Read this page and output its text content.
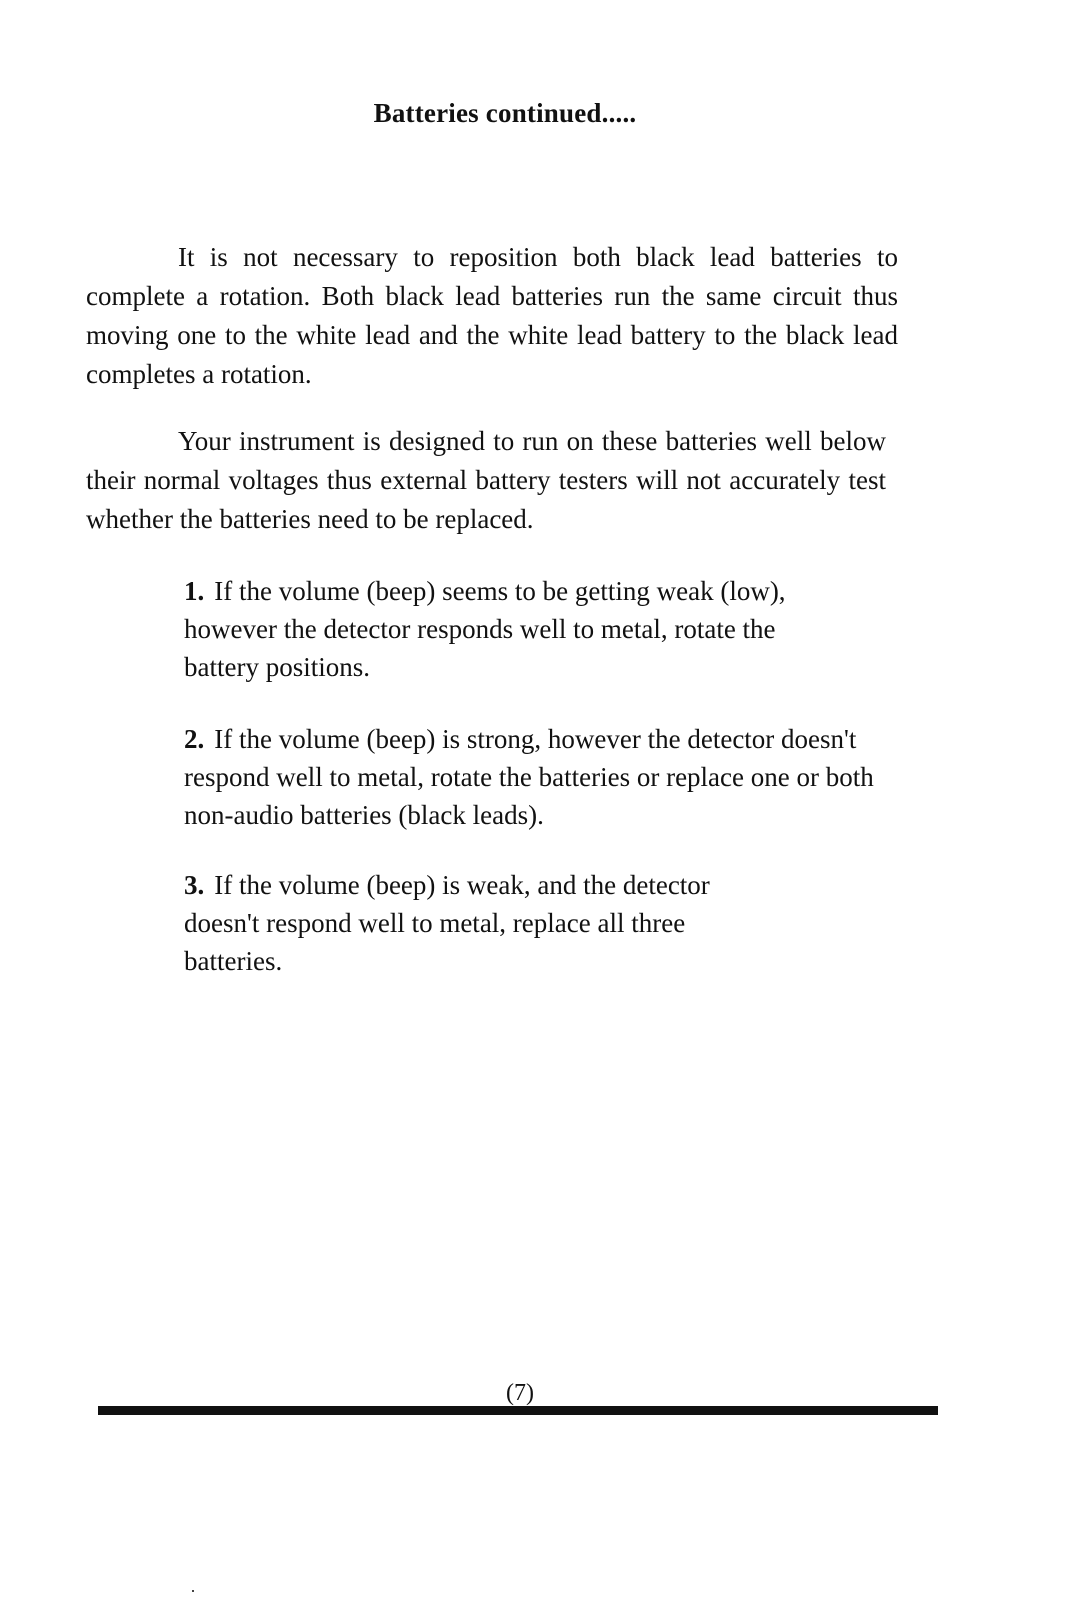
Batteries continued.....

It is not necessary to reposition both black lead batteries to complete a rotation. Both black lead batteries run the same circuit thus moving one to the white lead and the white lead battery to the black lead completes a rotation.

Your instrument is designed to run on these batteries well below their normal voltages thus external battery testers will not accurately test whether the batteries need to be replaced.

1. If the volume (beep) seems to be getting weak (low), however the detector responds well to metal, rotate the battery positions.

2. If the volume (beep) is strong, however the detector doesn't respond well to metal, rotate the batteries or replace one or both non-audio batteries (black leads).

3. If the volume (beep) is weak, and the detector doesn't respond well to metal, replace all three batteries.

(7)
